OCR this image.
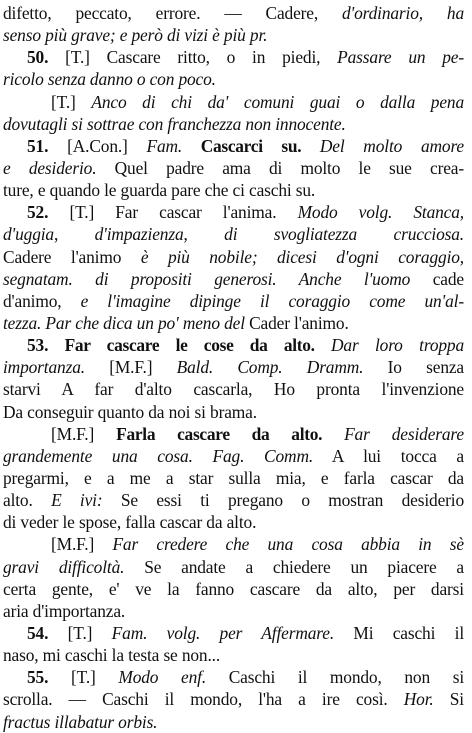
difetto, peccato, errore. — Cadere, d'ordinario, ha
senso più grave; e però di vizi è più pr.
50. [T.] Cascare ritto, o in piedi, Passare un pe-
ricolo senza danno o con poco.
[T.] Anco di chi da' comuni guai o dalla pena
dovutagli si sottrae con franchezza non innocente.
51. [A.Con.] Fam. Cascarci su. Del molto amore
e desiderio. Quel padre ama di molto le sue crea-
ture, e quando le guarda pare che ci caschi su.
52. [T.] Far cascar l'anima. Modo volg. Stanca,
d'uggia, d'impazienza, di svogliatezza crucciosa.
Cadere l'animo è più nobile; dicesi d'ogni coraggio,
segnatam. di propositi generosi. Anche l'uomo cade
d'animo, e l'imagine dipinge il coraggio come un'al-
tezza. Par che dica un po' meno del Cader l'animo.
53. Far cascare le cose da alto. Dar loro troppa
importanza. [M.F.] Bald. Comp. Dramm. Io senza
starvi A far d'alto cascarla, Ho pronta l'invenzione
Da conseguir quanto da noi si brama.
[M.F.] Farla cascare da alto. Far desiderare
grandemente una cosa. Fag. Comm. A lui tocca a
pregarmi, e a me a star sulla mia, e farla cascar da
alto. E ivi: Se essi ti pregano o mostran desiderio
di veder le spose, falla cascar da alto.
[M.F.] Far credere che una cosa abbia in sè
gravi difficoltà. Se andate a chiedere un piacere a
certa gente, e' ve la fanno cascare da alto, per darsi
aria d'importanza.
54. [T.] Fam. volg. per Affermare. Mi caschi il
naso, mi caschi la testa se non...
55. [T.] Modo enf. Caschi il mondo, non si
scrolla. — Caschi il mondo, l'ha a ire così. Hor. Si
fractus illabatur orbis.
